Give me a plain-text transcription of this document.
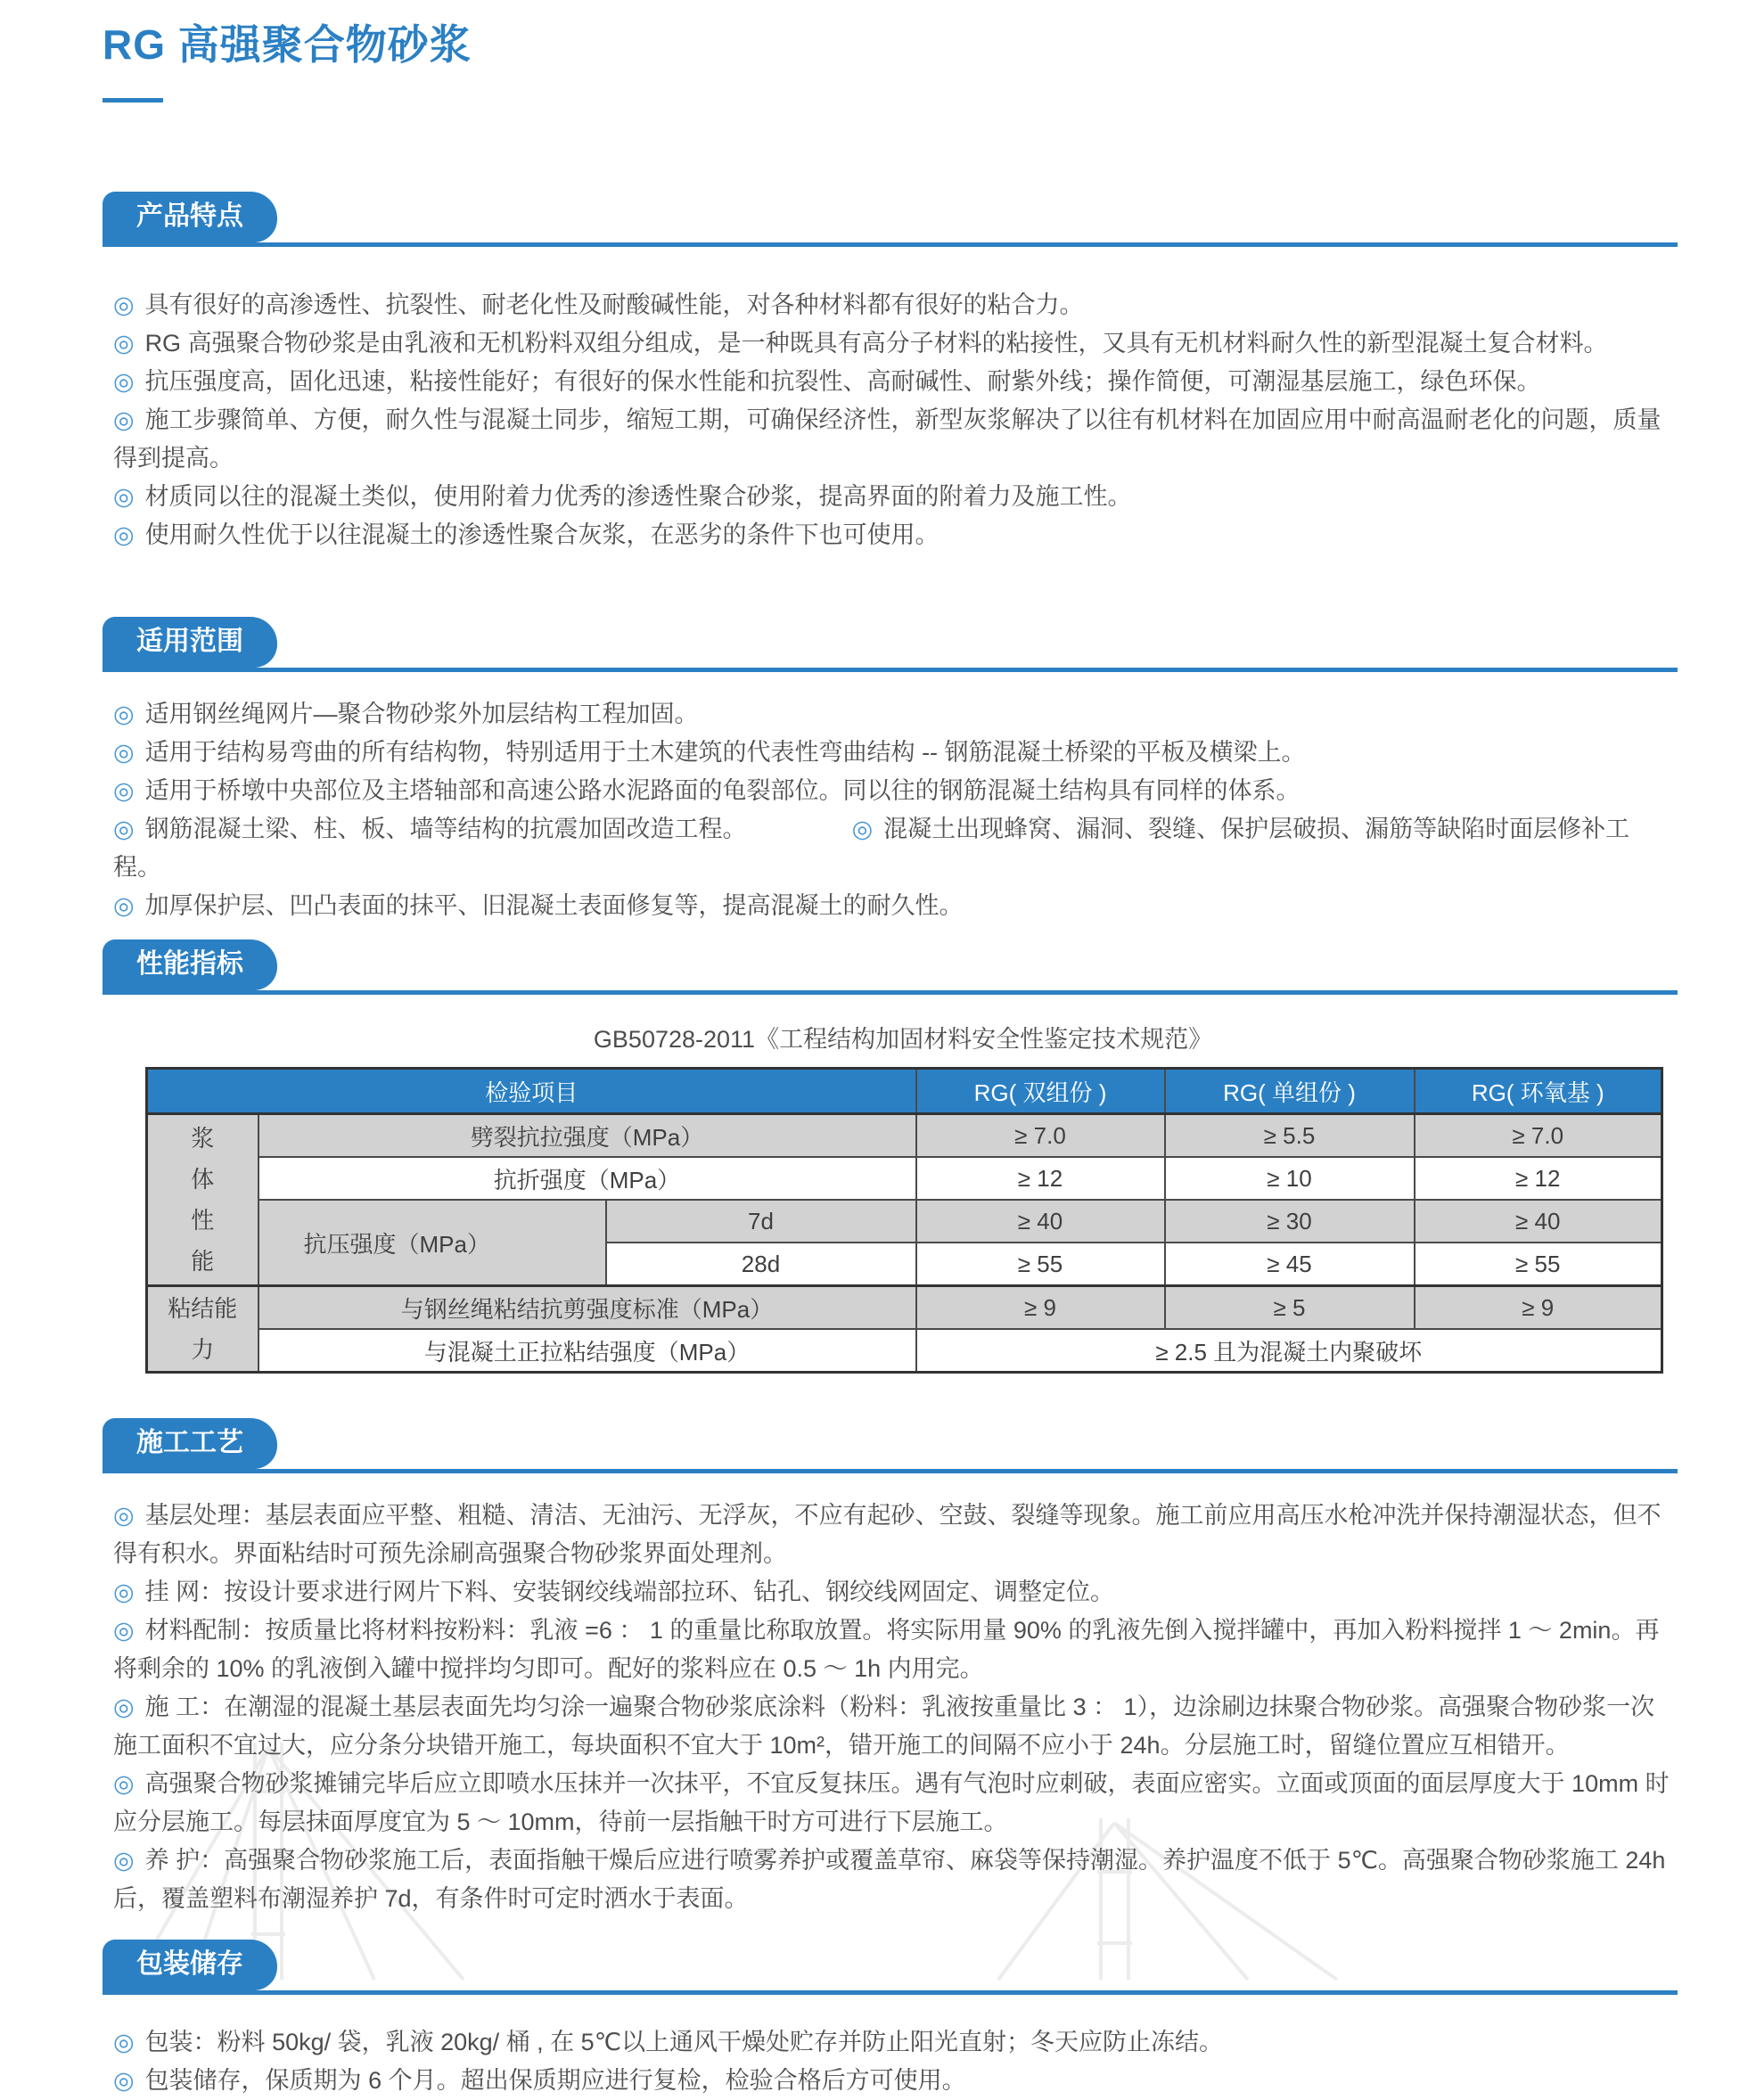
RG 高强聚合物砂浆
产品特点
◎ 具有很好的高渗透性、抗裂性、耐老化性及耐酸碱性能，对各种材料都有很好的粘合力。
◎ RG 高强聚合物砂浆是由乳液和无机粉料双组分组成，是一种既具有高分子材料的粘接性，又具有无机材料耐久性的新型混凝土复合材料。
◎ 抗压强度高，固化迅速，粘接性能好；有很好的保水性能和抗裂性、高耐碱性、耐紫外线；操作简便，可潮湿基层施工，绿色环保。
◎ 施工步骤简单、方便，耐久性与混凝土同步，缩短工期，可确保经济性，新型灰浆解决了以往有机材料在加固应用中耐高温耐老化的问题，质量得到提高。
◎ 材质同以往的混凝土类似，使用附着力优秀的渗透性聚合砂浆，提高界面的附着力及施工性。
◎ 使用耐久性优于以往混凝土的渗透性聚合灰浆，在恶劣的条件下也可使用。
适用范围
◎ 适用钢丝绳网片—聚合物砂浆外加层结构工程加固。
◎ 适用于结构易弯曲的所有结构物，特别适用于土木建筑的代表性弯曲结构 -- 钢筋混凝土桥梁的平板及横梁上。
◎ 适用于桥墩中央部位及主塔轴部和高速公路水泥路面的龟裂部位。同以往的钢筋混凝土结构具有同样的体系。
◎ 钢筋混凝土梁、柱、板、墙等结构的抗震加固改造工程。	◎ 混凝土出现蜂窝、漏洞、裂缝、保护层破损、漏筋等缺陷时面层修补工程。
◎ 加厚保护层、凹凸表面的抹平、旧混凝土表面修复等，提高混凝土的耐久性。
性能指标
GB50728-2011《工程结构加固材料安全性鉴定技术规范》
检验项目			RG( 双组份 )	RG( 单组份 )	RG( 环氧基 )
浆体性能	劈裂抗拉强度（MPa）		≥ 7.0	≥ 5.5	≥ 7.0
	抗折强度（MPa）		≥ 12	≥ 10	≥ 12
	抗压强度（MPa）	7d	≥ 40	≥ 30	≥ 40
		28d	≥ 55	≥ 45	≥ 55
粘结能力	与钢丝绳粘结抗剪强度标准（MPa）		≥ 9	≥ 5	≥ 9
	与混凝土正拉粘结强度（MPa）		≥ 2.5 且为混凝土内聚破坏		
施工工艺
◎ 基层处理：基层表面应平整、粗糙、清洁、无油污、无浮灰，不应有起砂、空鼓、裂缝等现象。施工前应用高压水枪冲洗并保持潮湿状态，但不得有积水。界面粘结时可预先涂刷高强聚合物砂浆界面处理剂。
◎ 挂 网：按设计要求进行网片下料、安装钢绞线端部拉环、钻孔、钢绞线网固定、调整定位。
◎ 材料配制：按质量比将材料按粉料：乳液 =6 ： 1 的重量比称取放置。将实际用量 90% 的乳液先倒入搅拌罐中，再加入粉料搅拌 1 ～ 2min。再将剩余的 10% 的乳液倒入罐中搅拌均匀即可。配好的浆料应在 0.5 ～ 1h 内用完。
◎ 施 工：在潮湿的混凝土基层表面先均匀涂一遍聚合物砂浆底涂料（粉料：乳液按重量比 3 ： 1），边涂刷边抹聚合物砂浆。高强聚合物砂浆一次施工面积不宜过大，应分条分块错开施工，每块面积不宜大于 10m²，错开施工的间隔不应小于 24h。分层施工时，留缝位置应互相错开。
◎ 高强聚合物砂浆摊铺完毕后应立即喷水压抹并一次抹平，不宜反复抹压。遇有气泡时应刺破，表面应密实。立面或顶面的面层厚度大于 10mm 时应分层施工。每层抹面厚度宜为 5 ～ 10mm，待前一层指触干时方可进行下层施工。
◎ 养 护：高强聚合物砂浆施工后，表面指触干燥后应进行喷雾养护或覆盖草帘、麻袋等保持潮湿。养护温度不低于 5℃。高强聚合物砂浆施工 24h 后，覆盖塑料布潮湿养护 7d，有条件时可定时洒水于表面。
包装储存
◎ 包装：粉料 50kg/ 袋，乳液 20kg/ 桶 , 在 5℃以上通风干燥处贮存并防止阳光直射；冬天应防止冻结。
◎ 包装储存，保质期为 6 个月。超出保质期应进行复检，检验合格后方可使用。
